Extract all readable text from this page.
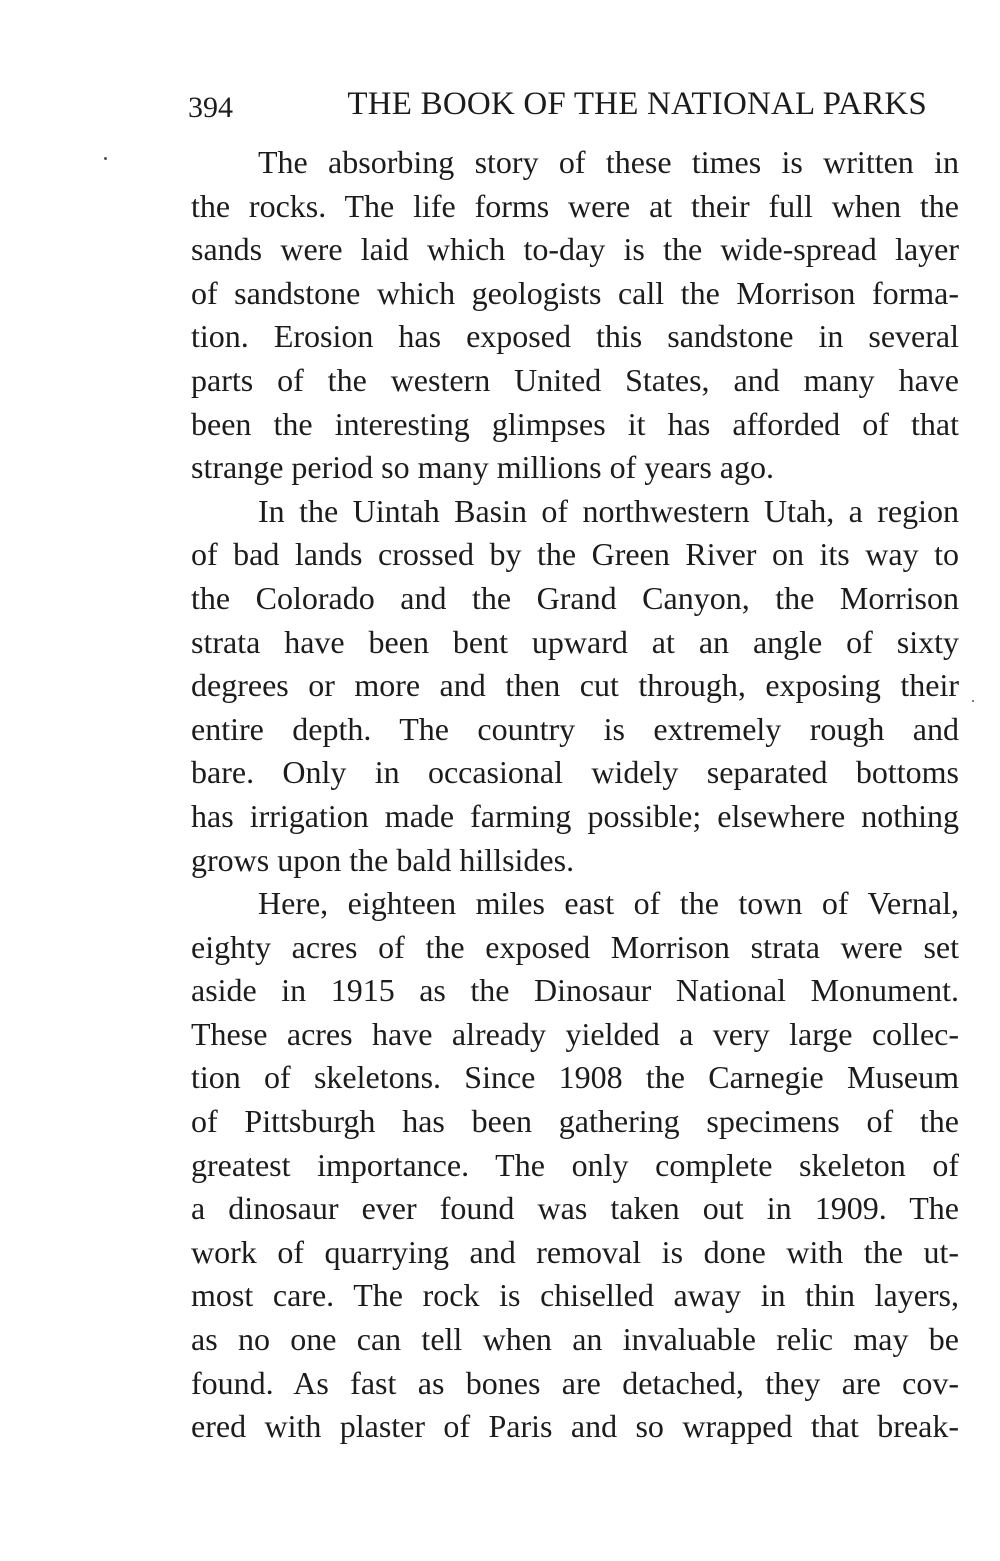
394	THE BOOK OF THE NATIONAL PARKS
The absorbing story of these times is written in
the rocks. The life forms were at their full when the
sands were laid which to-day is the wide-spread layer
of sandstone which geologists call the Morrison forma-
tion. Erosion has exposed this sandstone in several
parts of the western United States, and many have
been the interesting glimpses it has afforded of that
strange period so many millions of years ago.
In the Uintah Basin of northwestern Utah, a region
of bad lands crossed by the Green River on its way to
the Colorado and the Grand Canyon, the Morrison
strata have been bent upward at an angle of sixty
degrees or more and then cut through, exposing their
entire depth. The country is extremely rough and
bare. Only in occasional widely separated bottoms
has irrigation made farming possible; elsewhere nothing
grows upon the bald hillsides.
Here, eighteen miles east of the town of Vernal,
eighty acres of the exposed Morrison strata were set
aside in 1915 as the Dinosaur National Monument.
These acres have already yielded a very large collec-
tion of skeletons. Since 1908 the Carnegie Museum
of Pittsburgh has been gathering specimens of the
greatest importance. The only complete skeleton of
a dinosaur ever found was taken out in 1909. The
work of quarrying and removal is done with the ut-
most care. The rock is chiselled away in thin layers,
as no one can tell when an invaluable relic may be
found. As fast as bones are detached, they are cov-
ered with plaster of Paris and so wrapped that break-
